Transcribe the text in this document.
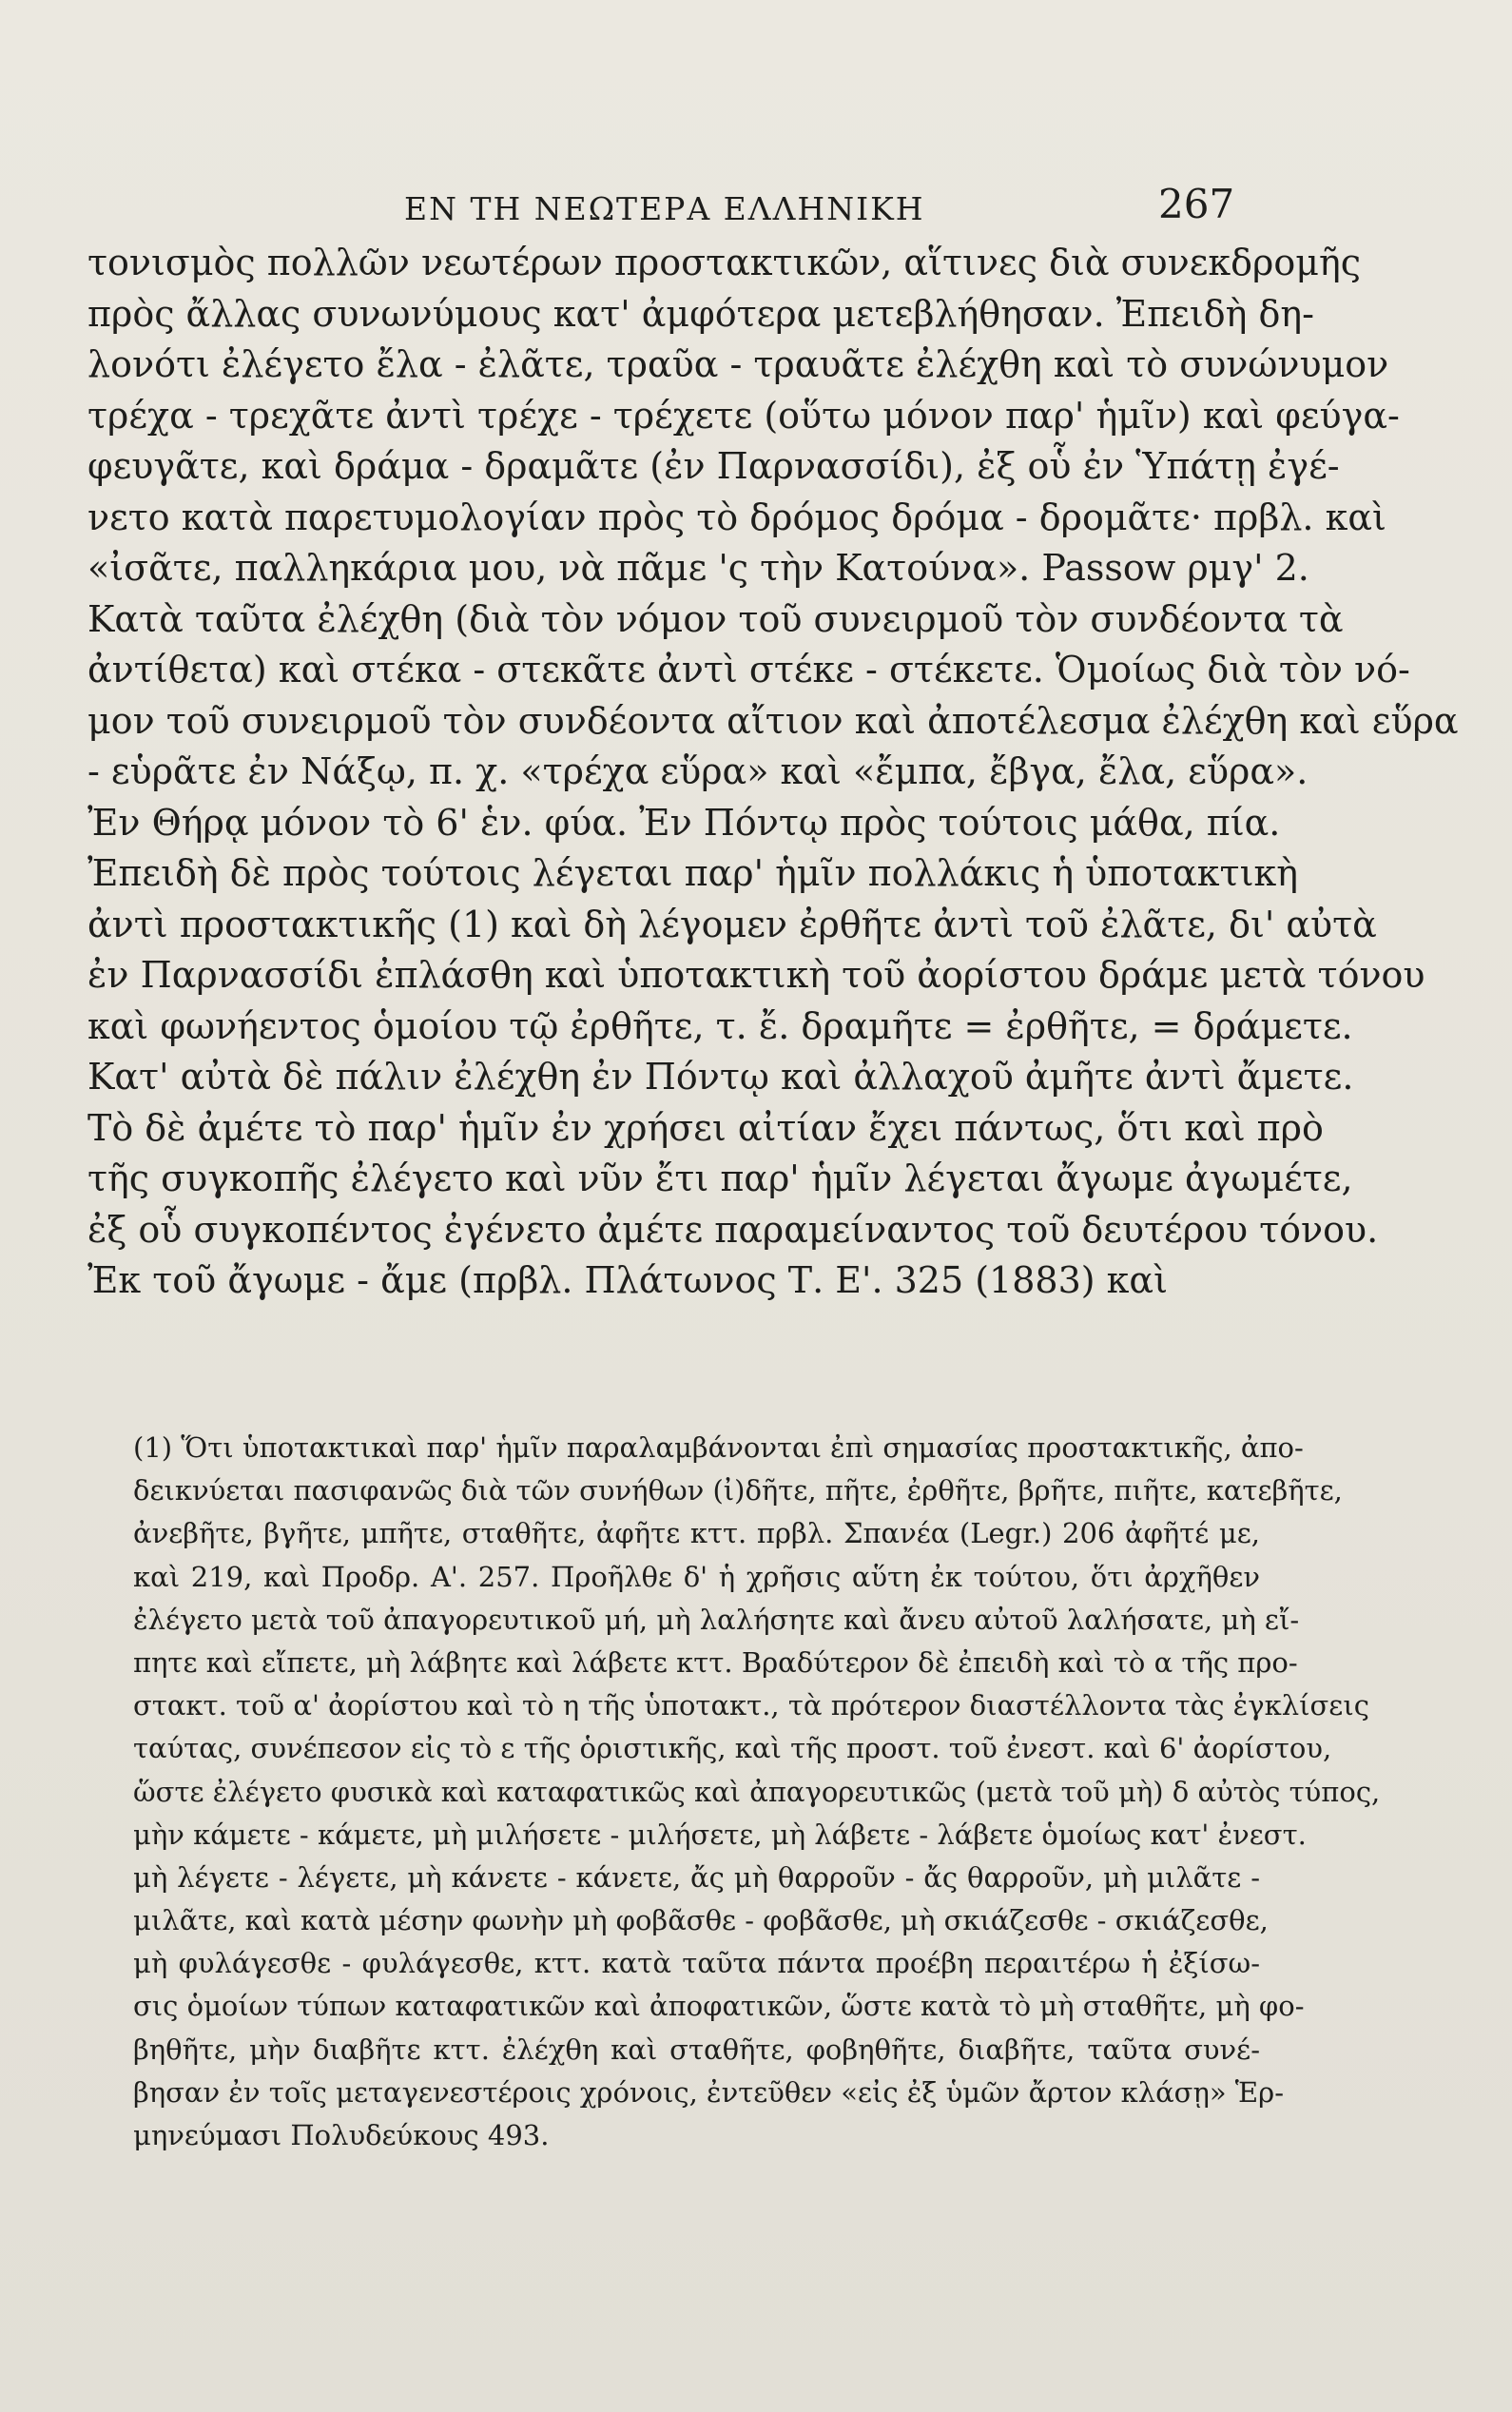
ΕΝ ΤΗ ΝΕΩΤΕΡΑ ΕΛΛΗΝΙΚΗ	267
τονισμὸς πολλῶν νεωτέρων προστακτικῶν, αἵτινες διὰ συνεκδρομῆς
πρὸς ἄλλας συνωνύμους κατ' ἀμφότερα μετεβλήθησαν. Ἐπειδὴ δη-
λονότι ἐλέγετο ἔλα - ἐλᾶτε, τραῦα - τραυᾶτε ἐλέχθη καὶ τὸ συνώνυμον
τρέχα - τρεχᾶτε ἀντὶ τρέχε - τρέχετε (οὕτω μόνον παρ' ἡμῖν) καὶ φεύγα-
φευγᾶτε, καὶ δράμα - δραμᾶτε (ἐν Παρνασσίδι), ἐξ οὗ ἐν Ὑπάτῃ ἐγέ-
νετο κατὰ παρετυμολογίαν πρὸς τὸ δρόμος δρόμα - δρομᾶτε· πρβλ. καὶ
«ἰσᾶτε, παλληκάρια μου, νὰ πᾶμε 'ς τὴν Κατούνα». Passow ρμγ' 2.
Κατὰ ταῦτα ἐλέχθη (διὰ τὸν νόμον τοῦ συνειρμοῦ τὸν συνδέοντα τὰ
ἀντίθετα) καὶ στέκα - στεκᾶτε ἀντὶ στέκε - στέκετε. Ὁμοίως διὰ τὸν νό-
μον τοῦ συνειρμοῦ τὸν συνδέοντα αἴτιον καὶ ἀποτέλεσμα ἐλέχθη καὶ εὕρα
- εὑρᾶτε ἐν Νάξῳ, π. χ. «τρέχα εὕρα» καὶ «ἔμπα, ἔβγα, ἔλα, εὕρα».
Ἐν Θήρᾳ μόνον τὸ 6' ἑν. φύα. Ἐν Πόντῳ πρὸς τούτοις μάθα, πία.
Ἐπειδὴ δὲ πρὸς τούτοις λέγεται παρ' ἡμῖν πολλάκις ἡ ὑποτακτικὴ
ἀντὶ προστακτικῆς (1) καὶ δὴ λέγομεν ἐρθῆτε ἀντὶ τοῦ ἐλᾶτε, δι' αὐτὰ
ἐν Παρνασσίδι ἐπλάσθη καὶ ὑποτακτικὴ τοῦ ἀορίστου δράμε μετὰ τόνου
καὶ φωνήεντος ὁμοίου τῷ ἐρθῆτε, τ. ἔ. δραμῆτε = ἐρθῆτε, = δράμετε.
Κατ' αὐτὰ δὲ πάλιν ἐλέχθη ἐν Πόντῳ καὶ ἀλλαχοῦ ἀμῆτε ἀντὶ ἄμετε.
Τὸ δὲ ἀμέτε τὸ παρ' ἡμῖν ἐν χρήσει αἰτίαν ἔχει πάντως, ὅτι καὶ πρὸ
τῆς συγκοπῆς ἐλέγετο καὶ νῦν ἔτι παρ' ἡμῖν λέγεται ἄγωμε ἀγωμέτε,
ἐξ οὗ συγκοπέντος ἐγένετο ἀμέτε παραμείναντος τοῦ δευτέρου τόνου.
Ἐκ τοῦ ἄγωμε - ἄμε (πρβλ. Πλάτωνος Τ. Ε'. 325 (1883) καὶ
(1) Ὅτι ὑποτακτικαὶ παρ' ἡμῖν παραλαμβάνονται ἐπὶ σημασίας προστακτικῆς, ἀπο-
δεικνύεται πασιφανῶς διὰ τῶν συνήθων (ἰ)δῆτε, πῆτε, ἐρθῆτε, βρῆτε, πιῆτε, κατεβῆτε,
ἀνεβῆτε, βγῆτε, μπῆτε, σταθῆτε, ἀφῆτε κττ. πρβλ. Σπανέα (Legr.) 206 ἀφῆτέ με,
καὶ 219, καὶ Προδρ. Α'. 257. Προῆλθε δ' ἡ χρῆσις αὕτη ἐκ τούτου, ὅτι ἀρχῆθεν
ἐλέγετο μετὰ τοῦ ἀπαγορευτικοῦ μή, μὴ λαλήσητε καὶ ἄνευ αὐτοῦ λαλήσατε, μὴ εἴ-
πητε καὶ εἴπετε, μὴ λάβητε καὶ λάβετε κττ. Βραδύτερον δὲ ἐπειδὴ καὶ τὸ α τῆς προ-
στακτ. τοῦ α' ἀορίστου καὶ τὸ η τῆς ὑποτακτ., τὰ πρότερον διαστέλλοντα τὰς ἐγκλίσεις
ταύτας, συνέπεσον εἰς τὸ ε τῆς ὁριστικῆς, καὶ τῆς προστ. τοῦ ἐνεστ. καὶ 6' ἀορίστου,
ὥστε ἐλέγετο φυσικὰ καὶ καταφατικῶς καὶ ἀπαγορευτικῶς (μετὰ τοῦ μὴ) δ αὐτὸς τύπος,
μὴν κάμετε - κάμετε, μὴ μιλήσετε - μιλήσετε, μὴ λάβετε - λάβετε ὁμοίως κατ' ἐνεστ.
μὴ λέγετε - λέγετε, μὴ κάνετε - κάνετε, ἄς μὴ θαρροῦν - ἄς θαρροῦν, μὴ μιλᾶτε -
μιλᾶτε, καὶ κατὰ μέσην φωνὴν μὴ φοβᾶσθε - φοβᾶσθε, μὴ σκιάζεσθε - σκιάζεσθε,
μὴ φυλάγεσθε - φυλάγεσθε, κττ. κατὰ ταῦτα πάντα προέβη περαιτέρω ἡ ἐξίσω-
σις ὁμοίων τύπων καταφατικῶν καὶ ἀποφατικῶν, ὥστε κατὰ τὸ μὴ σταθῆτε, μὴ φο-
βηθῆτε, μὴν διαβῆτε κττ. ἐλέχθη καὶ σταθῆτε, φοβηθῆτε, διαβῆτε, ταῦτα συνέ-
βησαν ἐν τοῖς μεταγενεστέροις χρόνοις, ἐντεῦθεν «εἰς ἐξ ὑμῶν ἄρτον κλάσῃ» Ἑρ-
μηνεύμασι Πολυδεύκους 493.
